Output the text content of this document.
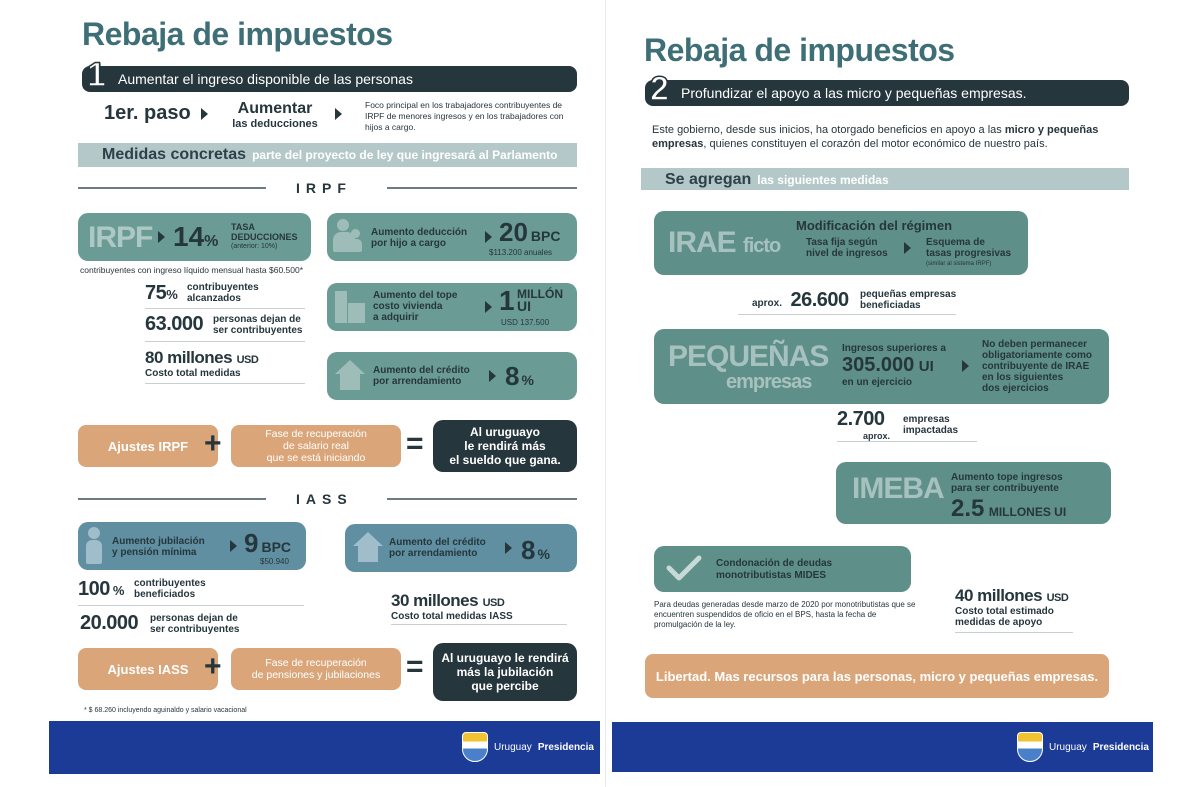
Rebaja de impuestos
Aumentar el ingreso disponible de las personas
1
1er. paso	Aumentar
las deducciones
Foco principal en los trabajadores contribuyentes de IRPF de menores ingresos y en los trabajadores con hijos a cargo.
Medidas concretas parte del proyecto de ley que ingresará al Parlamento
IRPF
IRPF 14%
TASA
DEDUCCIONES
(anterior: 10%)
contribuyentes con ingreso líquido mensual hasta $60.500*
75% contribuyentes
alcanzados
63.000 personas dejan de
ser contribuyentes
80 millones USD
Costo total medidas
Aumento deducción
por hijo a cargo	20 BPC
$113.200 anuales
Aumento del tope
costo vivienda
a adquirir
1 MILLÓN
UI
USD 137.500
Aumento del crédito
por arrendamiento	8 %
Ajustes IRPF +	Fase de recuperación
de salario real
que se está iniciando =	Al uruguayo
le rendirá más
el sueldo que gana.
IASS
Aumento jubilación
y pensión mínima	9 BPC
$50.940
Aumento del crédito
por arrendamiento	8 %
100 % contribuyentes
beneficiados
20.000 personas dejan de
ser contribuyentes
30 millones USD
Costo total medidas IASS
Ajustes IASS +	Fase de recuperación
de pensiones y jubilaciones = Al uruguayo le rendirá
más la jubilación
que percibe
* $ 68.260 incluyendo aguinaldo y salario vacacional
Uruguay Presidencia
Rebaja de impuestos
Profundizar el apoyo a las micro y pequeñas empresas.
2
Este gobierno, desde sus inicios, ha otorgado beneficios en apoyo a las micro y pequeñas empresas, quienes constituyen el corazón del motor económico de nuestro país.
Se agregan las siguientes medidas
IRAE ficto
Modificación del régimen
Tasa fija según
nivel de ingresos
Esquema de
tasas progresivas
(similar al sistema IRPF)
aprox. 26.600 pequeñas empresas
beneficiadas
PEQUEÑAS
empresas
Ingresos superiores a
305.000 UI
en un ejercicio
No deben permanecer
obligatoriamente como
contribuyente de IRAE
en los siguientes
dos ejercicios
2.700
aprox.
empresas
impactadas
IMEBA Aumento tope ingresos
para ser contribuyente
2.5 MILLONES UI
Condonación de deudas
monotributistas MIDES
Para deudas generadas desde marzo de 2020 por monotributistas que se encuentren suspendidos de oficio en el BPS, hasta la fecha de promulgación de la ley.
40 millones USD
Costo total estimado
medidas de apoyo
Libertad. Mas recursos para las personas, micro y pequeñas empresas.
Uruguay Presidencia
